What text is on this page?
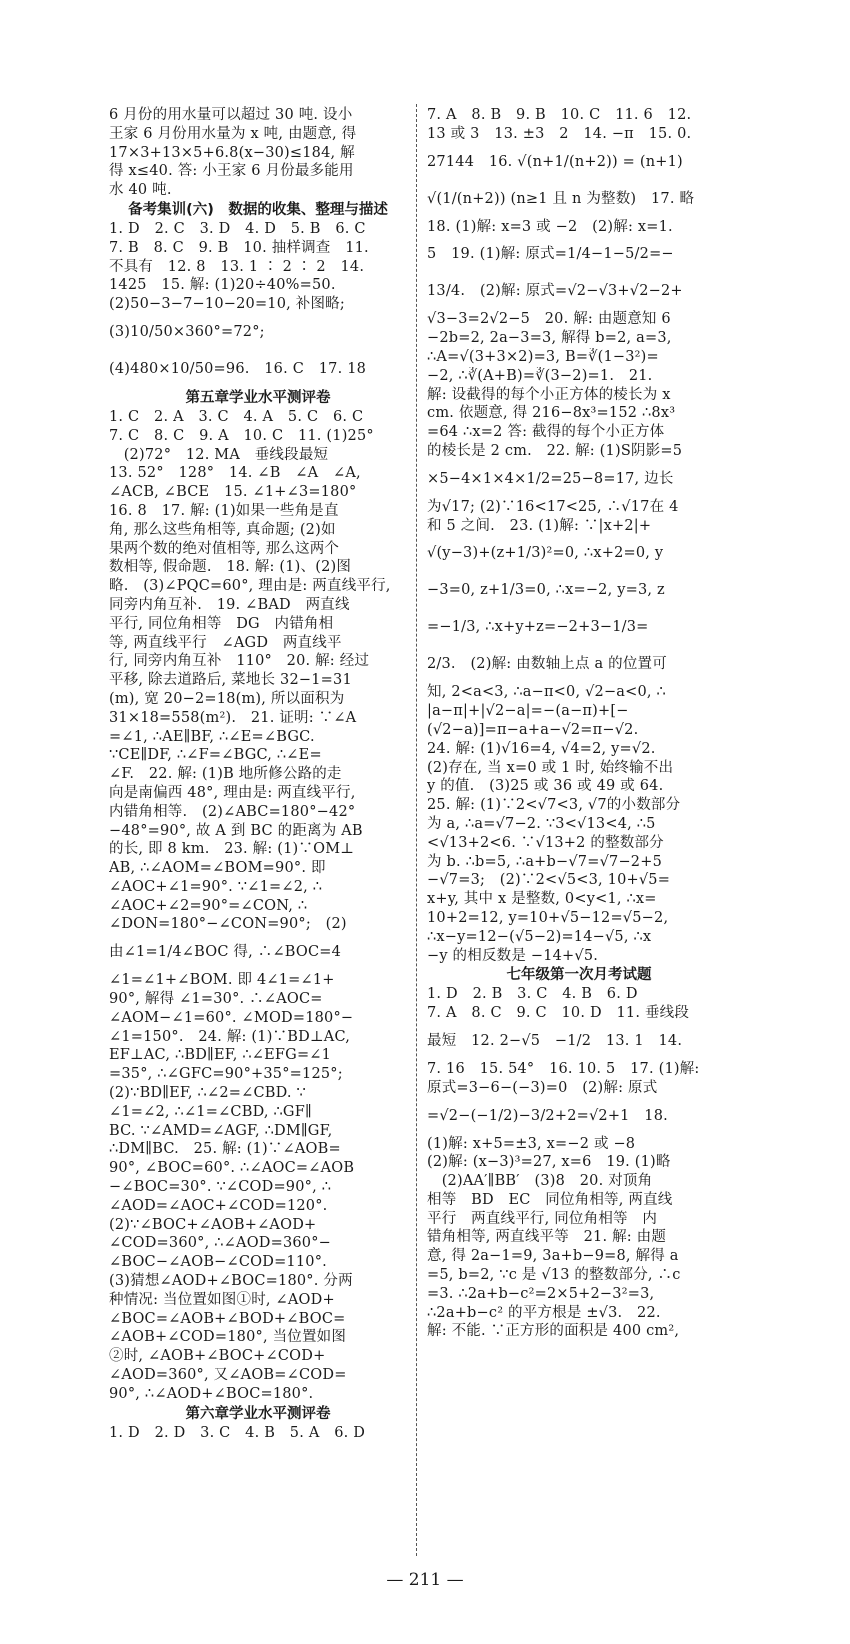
6 月份的用水量可以超过 30 吨. 设小
王家 6 月份用水量为 x 吨, 由题意, 得
17×3+13×5+6.8(x−30)≤184, 解
得 x≤40. 答: 小王家 6 月份最多能用
水 40 吨.
备考集训(六)　数据的收集、整理与描述
1. D　2. C　3. D　4. D　5. B　6. C
7. B　8. C　9. B　10. 抽样调查　11.
不具有　12. 8　13. 1 ∶ 2 ∶ 2　14.
1425　15. 解: (1)20÷40%=50.
(2)50−3−7−10−20=10, 补图略;
(3)10/50×360°=72°;
(4)480×10/50=96.　16. C　17. 18
第五章学业水平测评卷
1. C　2. A　3. C　4. A　5. C　6. C
7. C　8. C　9. A　10. C　11. (1)25°
　(2)72°　12. MA　垂线段最短
13. 52°　128°　14. ∠B　∠A　∠A,
∠ACB, ∠BCE　15. ∠1+∠3=180°
16. 8　17. 解: (1)如果一些角是直
角, 那么这些角相等, 真命题; (2)如
果两个数的绝对值相等, 那么这两个
数相等, 假命题.　18. 解: (1)、(2)图
略.　(3)∠PQC=60°, 理由是: 两直线平行,
同旁内角互补.　19. ∠BAD　两直线
平行, 同位角相等　DG　内错角相
等, 两直线平行　∠AGD　两直线平
行, 同旁内角互补　110°　20. 解: 经过
平移, 除去道路后, 菜地长 32−1=31
(m), 宽 20−2=18(m), 所以面积为
31×18=558(m²).　21. 证明: ∵∠A
=∠1, ∴AE∥BF, ∴∠E=∠BGC.
∵CE∥DF, ∴∠F=∠BGC, ∴∠E=
∠F.　22. 解: (1)B 地所修公路的走
向是南偏西 48°, 理由是: 两直线平行,
内错角相等.　(2)∠ABC=180°−42°
−48°=90°, 故 A 到 BC 的距离为 AB
的长, 即 8 km.　23. 解: (1)∵OM⊥
AB, ∴∠AOM=∠BOM=90°. 即
∠AOC+∠1=90°. ∵∠1=∠2, ∴
∠AOC+∠2=90°=∠CON, ∴
∠DON=180°−∠CON=90°;　(2)
由∠1=1/4∠BOC 得, ∴∠BOC=4
∠1=∠1+∠BOM. 即 4∠1=∠1+
90°, 解得 ∠1=30°. ∴∠AOC=
∠AOM−∠1=60°. ∠MOD=180°−
∠1=150°.　24. 解: (1)∵BD⊥AC,
EF⊥AC, ∴BD∥EF, ∴∠EFG=∠1
=35°, ∴∠GFC=90°+35°=125°;
(2)∵BD∥EF, ∴∠2=∠CBD. ∵
∠1=∠2, ∴∠1=∠CBD, ∴GF∥
BC. ∵∠AMD=∠AGF, ∴DM∥GF,
∴DM∥BC.　25. 解: (1)∵∠AOB=
90°, ∠BOC=60°. ∴∠AOC=∠AOB
−∠BOC=30°. ∵∠COD=90°, ∴
∠AOD=∠AOC+∠COD=120°.
(2)∵∠BOC+∠AOB+∠AOD+
∠COD=360°, ∴∠AOD=360°−
∠BOC−∠AOB−∠COD=110°.
(3)猜想∠AOD+∠BOC=180°. 分两
种情况: 当位置如图①时, ∠AOD+
∠BOC=∠AOB+∠BOD+∠BOC=
∠AOB+∠COD=180°, 当位置如图
②时, ∠AOB+∠BOC+∠COD+
∠AOD=360°, 又∠AOB=∠COD=
90°, ∴∠AOD+∠BOC=180°.
第六章学业水平测评卷
1. D　2. D　3. C　4. B　5. A　6. D
7. A　8. B　9. B　10. C　11. 6　12.
13 或 3　13. ±3　2　14. −π　15. 0.
27144　16. √(n+1/(n+2)) = (n+1)
√(1/(n+2)) (n≥1 且 n 为整数)　17. 略
18. (1)解: x=3 或 −2　(2)解: x=1.
5　19. (1)解: 原式=1/4−1−5/2=−
13/4.　(2)解: 原式=√2−√3+√2−2+
√3−3=2√2−5　20. 解: 由题意知 6
−2b=2, 2a−3=3, 解得 b=2, a=3,
∴A=√(3+3×2)=3, B=∛(1−3²)=
−2, ∴∛(A+B)=∛(3−2)=1.　21.
解: 设截得的每个小正方体的棱长为 x
cm. 依题意, 得 216−8x³=152 ∴8x³
=64 ∴x=2 答: 截得的每个小正方体
的棱长是 2 cm.　22. 解: (1)S阴影=5
×5−4×1×4×1/2=25−8=17, 边长
为√17; (2)∵16<17<25, ∴√17在 4
和 5 之间.　23. (1)解: ∵|x+2|+
√(y−3)+(z+1/3)²=0, ∴x+2=0, y
−3=0, z+1/3=0, ∴x=−2, y=3, z
=−1/3, ∴x+y+z=−2+3−1/3=
2/3.　(2)解: 由数轴上点 a 的位置可
知, 2<a<3, ∴a−π<0, √2−a<0, ∴
|a−π|+|√2−a|=−(a−π)+[−
(√2−a)]=π−a+a−√2=π−√2.
24. 解: (1)√16=4, √4=2, y=√2.
(2)存在, 当 x=0 或 1 时, 始终输不出
y 的值.　(3)25 或 36 或 49 或 64.
25. 解: (1)∵2<√7<3, √7的小数部分
为 a, ∴a=√7−2. ∵3<√13<4, ∴5
<√13+2<6. ∵√13+2 的整数部分
为 b. ∴b=5, ∴a+b−√7=√7−2+5
−√7=3;　(2)∵2<√5<3, 10+√5=
x+y, 其中 x 是整数, 0<y<1, ∴x=
10+2=12, y=10+√5−12=√5−2,
∴x−y=12−(√5−2)=14−√5, ∴x
−y 的相反数是 −14+√5.
七年级第一次月考试题
1. D　2. B　3. C　4. B　6. D
7. A　8. C　9. C　10. D　11. 垂线段
最短　12. 2−√5　−1/2　13. 1　14.
7. 16　15. 54°　16. 10. 5　17. (1)解:
原式=3−6−(−3)=0　(2)解: 原式
=√2−(−1/2)−3/2+2=√2+1　18.
(1)解: x+5=±3, x=−2 或 −8
(2)解: (x−3)³=27, x=6　19. (1)略
　(2)AA′∥BB′　(3)8　20. 对顶角
相等　BD　EC　同位角相等, 两直线
平行　两直线平行, 同位角相等　内
错角相等, 两直线平等　21. 解: 由题
意, 得 2a−1=9, 3a+b−9=8, 解得 a
=5, b=2, ∵c 是 √13 的整数部分, ∴c
=3. ∴2a+b−c²=2×5+2−3²=3,
∴2a+b−c² 的平方根是 ±√3.　22.
解: 不能. ∵正方形的面积是 400 cm²,
— 211 —
